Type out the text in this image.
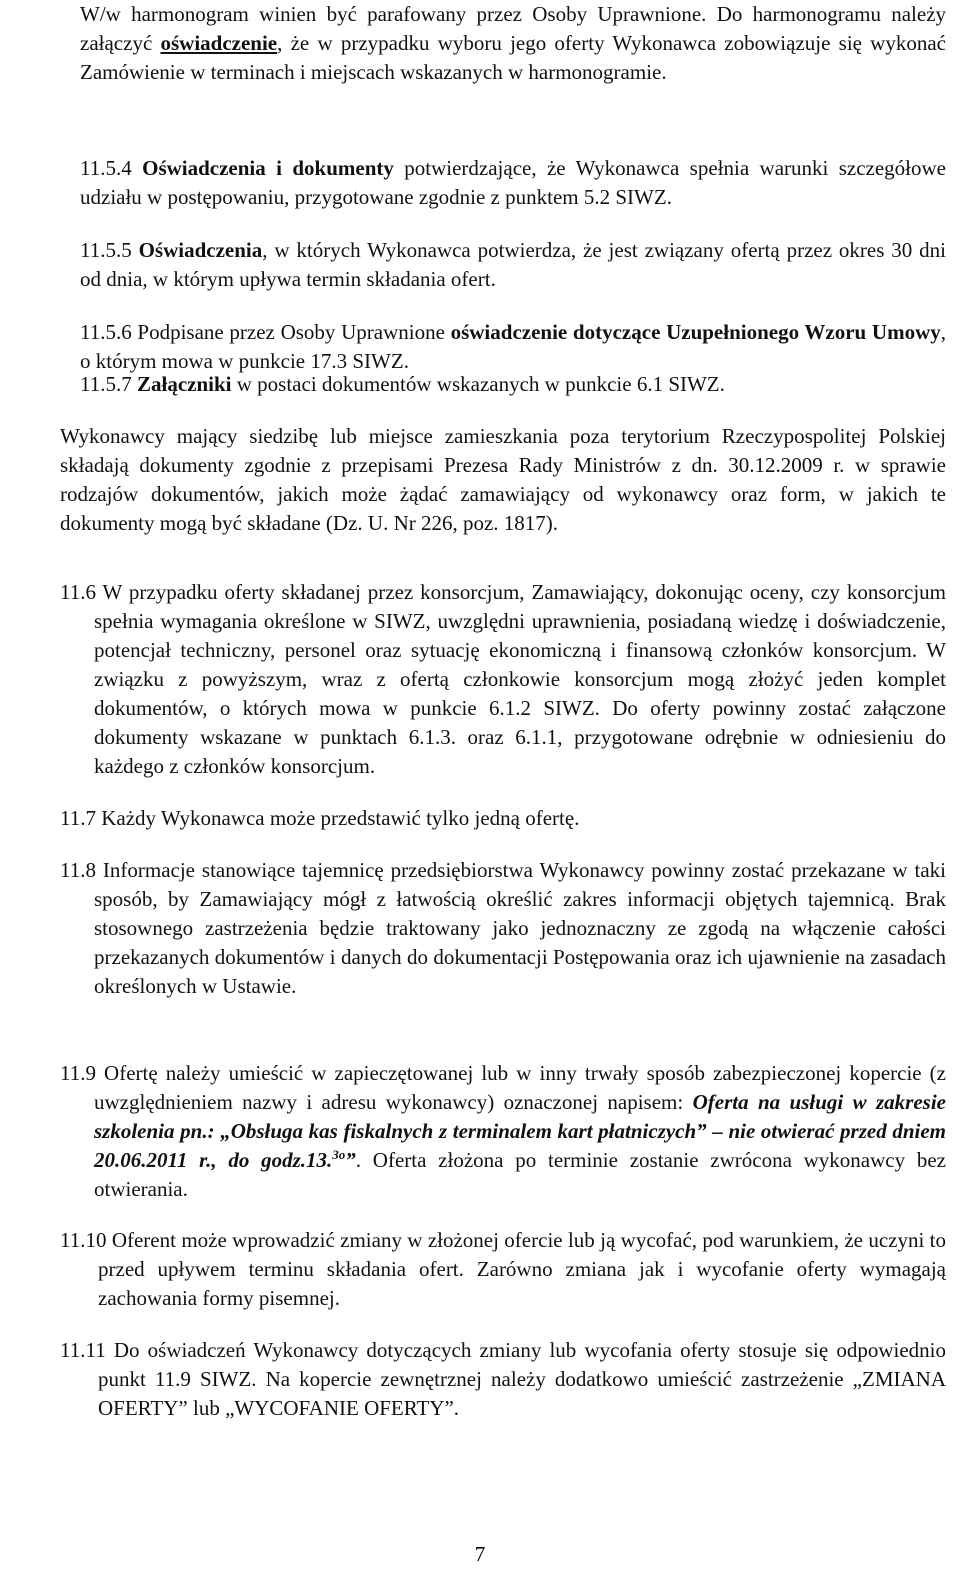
W/w harmonogram winien być parafowany przez Osoby Uprawnione. Do harmonogramu należy załączyć oświadczenie, że w przypadku wyboru jego oferty Wykonawca zobowiązuje się wykonać Zamówienie w terminach i miejscach wskazanych w harmonogramie.

11.5.4 Oświadczenia i dokumenty potwierdzające, że Wykonawca spełnia warunki szczegółowe udziału w postępowaniu, przygotowane zgodnie z punktem 5.2 SIWZ.

11.5.5 Oświadczenia, w których Wykonawca potwierdza, że jest związany ofertą przez okres 30 dni od dnia, w którym upływa termin składania ofert.

11.5.6 Podpisane przez Osoby Uprawnione oświadczenie dotyczące Uzupełnionego Wzoru Umowy, o którym mowa w punkcie 17.3 SIWZ.

11.5.7 Załączniki w postaci dokumentów wskazanych w punkcie 6.1 SIWZ.

Wykonawcy mający siedzibę lub miejsce zamieszkania poza terytorium Rzeczypospolitej Polskiej składają dokumenty zgodnie z przepisami Prezesa Rady Ministrów z dn. 30.12.2009 r. w sprawie rodzajów dokumentów, jakich może żądać zamawiający od wykonawcy oraz form, w jakich te dokumenty mogą być składane (Dz. U. Nr 226, poz. 1817).

11.6 W przypadku oferty składanej przez konsorcjum, Zamawiający, dokonując oceny, czy konsorcjum spełnia wymagania określone w SIWZ, uwzględni uprawnienia, posiadaną wiedzę i doświadczenie, potencjał techniczny, personel oraz sytuację ekonomiczną i finansową członków konsorcjum. W związku z powyższym, wraz z ofertą członkowie konsorcjum mogą złożyć jeden komplet dokumentów, o których mowa w punkcie 6.1.2 SIWZ. Do oferty powinny zostać załączone dokumenty wskazane w punktach 6.1.3. oraz 6.1.1, przygotowane odrębnie w odniesieniu do każdego z członków konsorcjum.

11.7 Każdy Wykonawca może przedstawić tylko jedną ofertę.

11.8 Informacje stanowiące tajemnicę przedsiębiorstwa Wykonawcy powinny zostać przekazane w taki sposób, by Zamawiający mógł z łatwością określić zakres informacji objętych tajemnicą. Brak stosownego zastrzeżenia będzie traktowany jako jednoznaczny ze zgodą na włączenie całości przekazanych dokumentów i danych do dokumentacji Postępowania oraz ich ujawnienie na zasadach określonych w Ustawie.

11.9 Ofertę należy umieścić w zapieczętowanej lub w inny trwały sposób zabezpieczonej kopercie (z uwzględnieniem nazwy i adresu wykonawcy) oznaczonej napisem: Oferta na usługi w zakresie szkolenia pn.: „Obsługa kas fiskalnych z terminalem kart płatniczych” – nie otwierać przed dniem 20.06.2011 r., do godz.13.$^{3o}$”. Oferta złożona po terminie zostanie zwrócona wykonawcy bez otwierania.

11.10 Oferent może wprowadzić zmiany w złożonej ofercie lub ją wycofać, pod warunkiem, że uczyni to przed upływem terminu składania ofert. Zarówno zmiana jak i wycofanie oferty wymagają zachowania formy pisemnej.

11.11 Do oświadczeń Wykonawcy dotyczących zmiany lub wycofania oferty stosuje się odpowiednio punkt 11.9 SIWZ. Na kopercie zewnętrznej należy dodatkowo umieścić zastrzeżenie „ZMIANA OFERTY” lub „WYCOFANIE OFERTY”.

7
